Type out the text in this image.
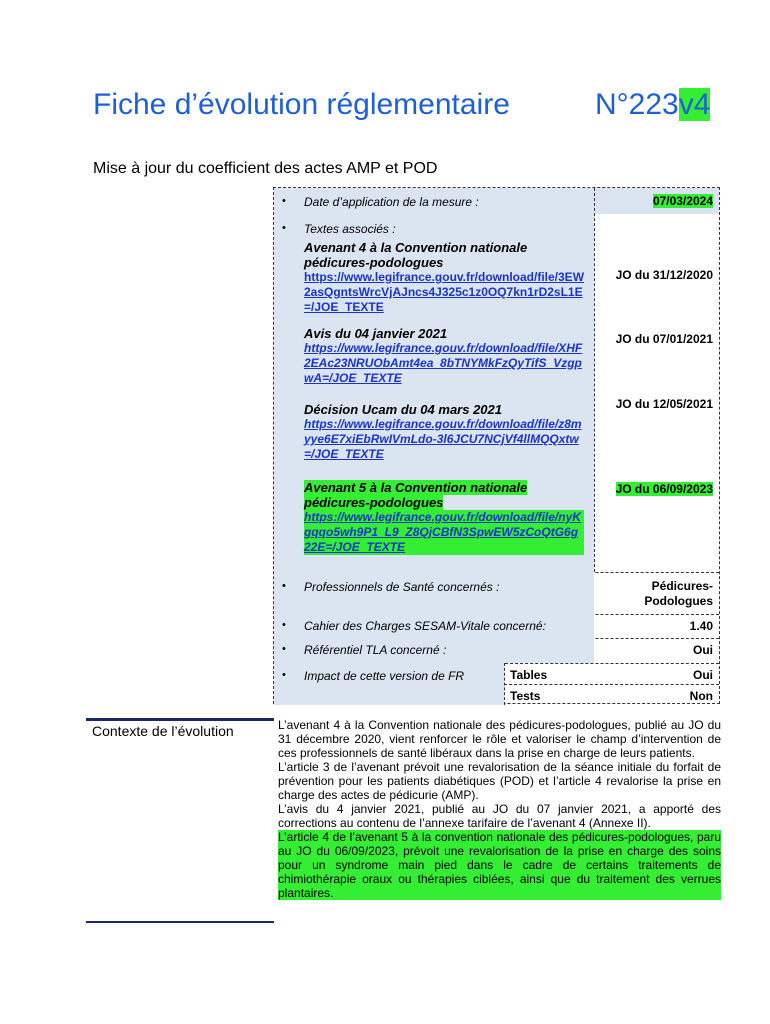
Fiche d’évolution réglementaire	N°223v4
Mise à jour du coefficient des actes AMP et POD
• Date d’application de la mesure :	07/03/2024
• Textes associés :
Avenant 4 à la Convention nationale pédicures-podologues
https://www.legifrance.gouv.fr/download/file/3EW2asQgntsWrcVjAJncs4J325c1z0OQ7kn1rD2sL1E=/JOE_TEXTE
JO du 31/12/2020
Avis du 04 janvier 2021
https://www.legifrance.gouv.fr/download/file/XHF2EAc23NRUObAmt4ea_8bTNYMkFzQyTifS_VzgpwA=/JOE_TEXTE
JO du 07/01/2021
Décision Ucam du 04 mars 2021
https://www.legifrance.gouv.fr/download/file/z8myye6E7xiEbRwIVmLdo-3l6JCU7NCjVf4llMQQxtw=/JOE_TEXTE
JO du 12/05/2021
Avenant 5 à la Convention nationale pédicures-podologues
https://www.legifrance.gouv.fr/download/file/nyKgqqo5wh9P1_L9_Z8QjCBfN3SpwEW5zCoQtG6g22E=/JOE_TEXTE
JO du 06/09/2023
• Professionnels de Santé concernés :	Pédicures-Podologues
• Cahier des Charges SESAM-Vitale concerné:	1.40
• Référentiel TLA concerné :	Oui
• Impact de cette version de FR	Tables	Oui
Tests	Non
Contexte de l’évolution	L’avenant 4 à la Convention nationale des pédicures-podologues, publié au JO du 31 décembre 2020, vient renforcer le rôle et valoriser le champ d’intervention de ces professionnels de santé libéraux dans la prise en charge de leurs patients.

L’article 3 de l’avenant prévoit une revalorisation de la séance initiale du forfait de prévention pour les patients diabétiques (POD) et l’article 4 revalorise la prise en charge des actes de pédicurie (AMP).

L’avis du 4 janvier 2021, publié au JO du 07 janvier 2021, a apporté des corrections au contenu de l’annexe tarifaire de l’avenant 4 (Annexe II).

L’article 4 de l’avenant 5 à la convention nationale des pédicures-podologues, paru au JO du 06/09/2023, prévoit une revalorisation de la prise en charge des soins pour un syndrome main pied dans le cadre de certains traitements de chimiothérapie oraux ou thérapies ciblées, ainsi que du traitement des verrues plantaires.
